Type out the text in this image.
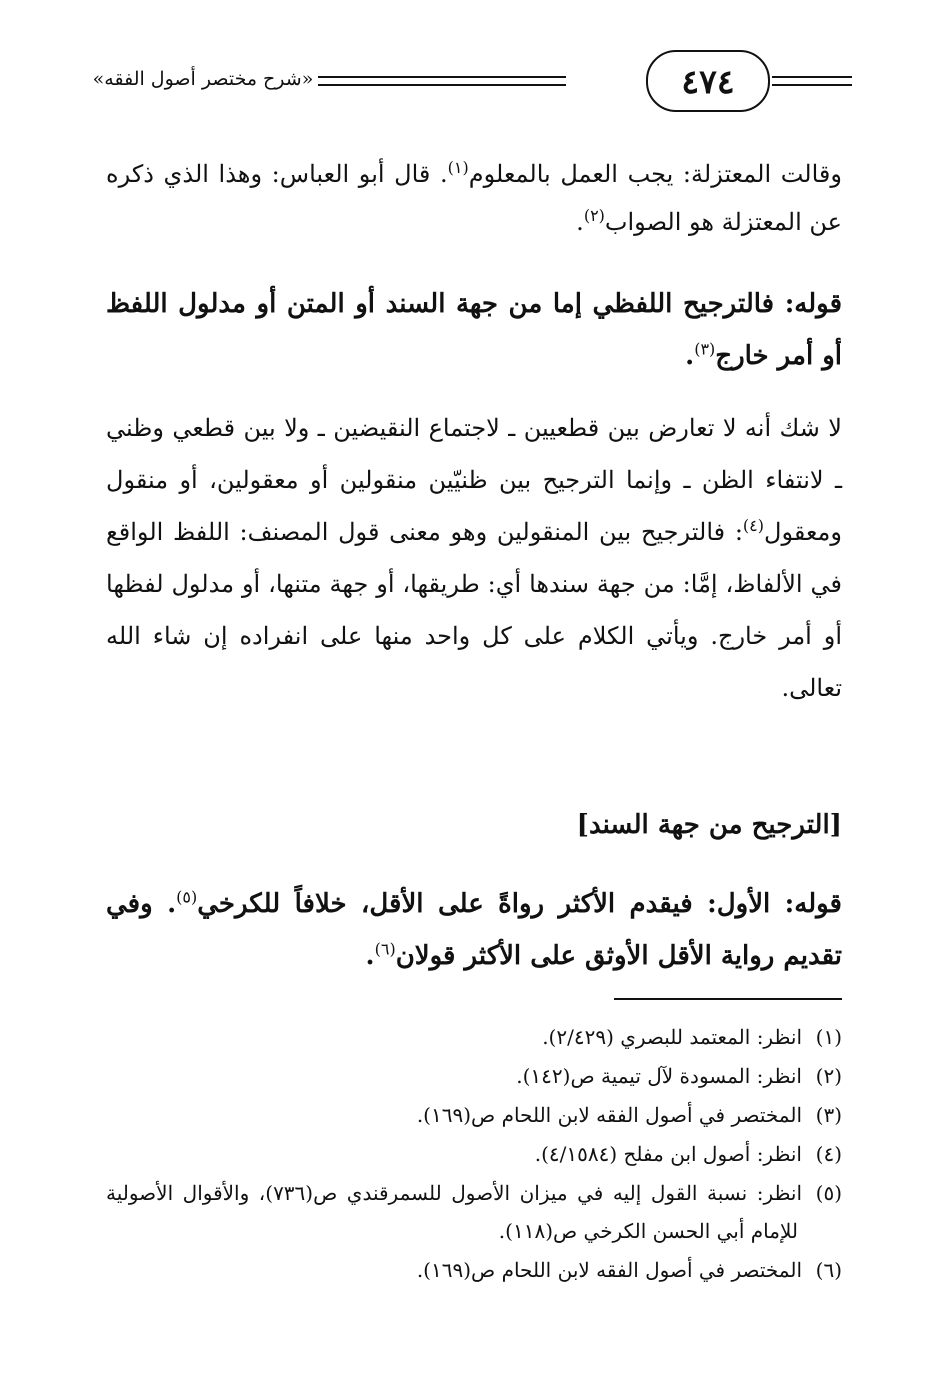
٤٧٤
«شرح مختصر أصول الفقه»
وقالت المعتزلة: يجب العمل بالمعلوم$^{(١)}$. قال أبو العباس: وهذا الذي ذكره عن المعتزلة هو الصواب$^{(٢)}$.
قوله: فالترجيح اللفظي إما من جهة السند أو المتن أو مدلول اللفظ أو أمر خارج$^{(٣)}$.
لا شك أنه لا تعارض بين قطعيين ـ لاجتماع النقيضين ـ ولا بين قطعي وظني ـ لانتفاء الظن ـ وإنما الترجيح بين ظنيّين منقولين أو معقولين، أو منقول ومعقول$^{(٤)}$: فالترجيح بين المنقولين وهو معنى قول المصنف: اللفظ الواقع في الألفاظ، إمَّا: من جهة سندها أي: طريقها، أو جهة متنها، أو مدلول لفظها أو أمر خارج. ويأتي الكلام على كل واحد منها على انفراده إن شاء الله تعالى.
[الترجيح من جهة السند]
قوله: الأول: فيقدم الأكثر رواةً على الأقل، خلافاً للكرخي$^{(٥)}$. وفي تقديم رواية الأقل الأوثق على الأكثر قولان$^{(٦)}$.
(١)انظر: المعتمد للبصري (٢/٤٢٩).
(٢)انظر: المسودة لآل تيمية ص(١٤٢).
(٣)المختصر في أصول الفقه لابن اللحام ص(١٦٩).
(٤)انظر: أصول ابن مفلح (٤/١٥٨٤).
(٥)انظر: نسبة القول إليه في ميزان الأصول للسمرقندي ص(٧٣٦)، والأقوال الأصولية للإمام أبي الحسن الكرخي ص(١١٨).
(٦)المختصر في أصول الفقه لابن اللحام ص(١٦٩).
